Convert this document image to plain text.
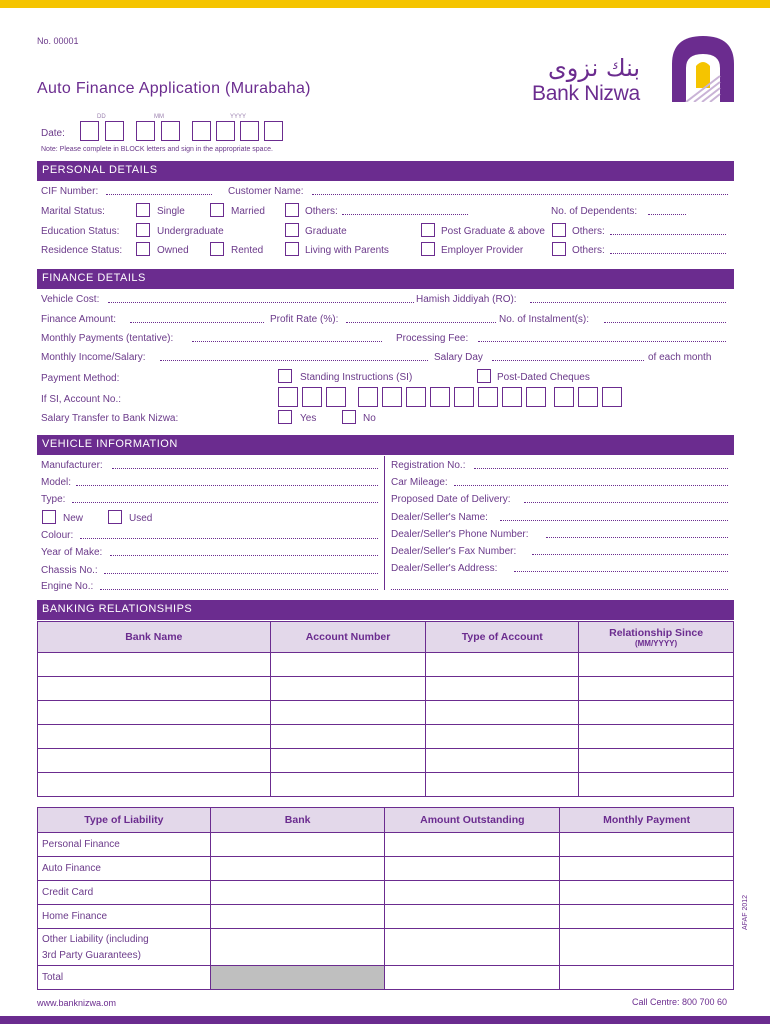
No. 00001
Auto Finance Application (Murabaha)
بنك نزوى
Bank Nizwa
DD	MM	YYYY
Date:
Note: Please complete in BLOCK letters and sign in the appropriate space.
PERSONAL DETAILS
CIF Number:	Customer Name:
Marital Status:	Single	Married	Others:	No. of Dependents:
Education Status:	Undergraduate	Graduate	Post Graduate & above	Others:
Residence Status:	Owned	Rented	Living with Parents	Employer Provider	Others:
FINANCE DETAILS
Vehicle Cost:	Hamish Jiddiyah (RO):
Finance Amount:	Profit Rate (%):	No. of Instalment(s):
Monthly Payments (tentative):	Processing Fee:
Monthly Income/Salary:	Salary Day	of each month
Payment Method:	Standing Instructions (SI)	Post-Dated Cheques
If SI, Account No.:
Salary Transfer to Bank Nizwa:	Yes	No
VEHICLE INFORMATION
Manufacturer:
Model:
Type:
New	Used
Colour:
Year of Make:
Chassis No.:
Engine No.:
Registration No.:
Car Mileage:
Proposed Date of Delivery:
Dealer/Seller's Name:
Dealer/Seller's Phone Number:
Dealer/Seller's Fax Number:
Dealer/Seller's Address:
BANKING RELATIONSHIPS
Bank Name	Account Number	Type of Account	Relationship Since
(MM/YYYY)

Type of Liability	Bank	Amount Outstanding	Monthly Payment
Personal Finance			
Auto Finance			
Credit Card			
Home Finance			

Other Liability (including
3rd Party Guarantees)			

Total			
AFAF 2012
www.banknizwa.om	Call Centre: 800 700 60
